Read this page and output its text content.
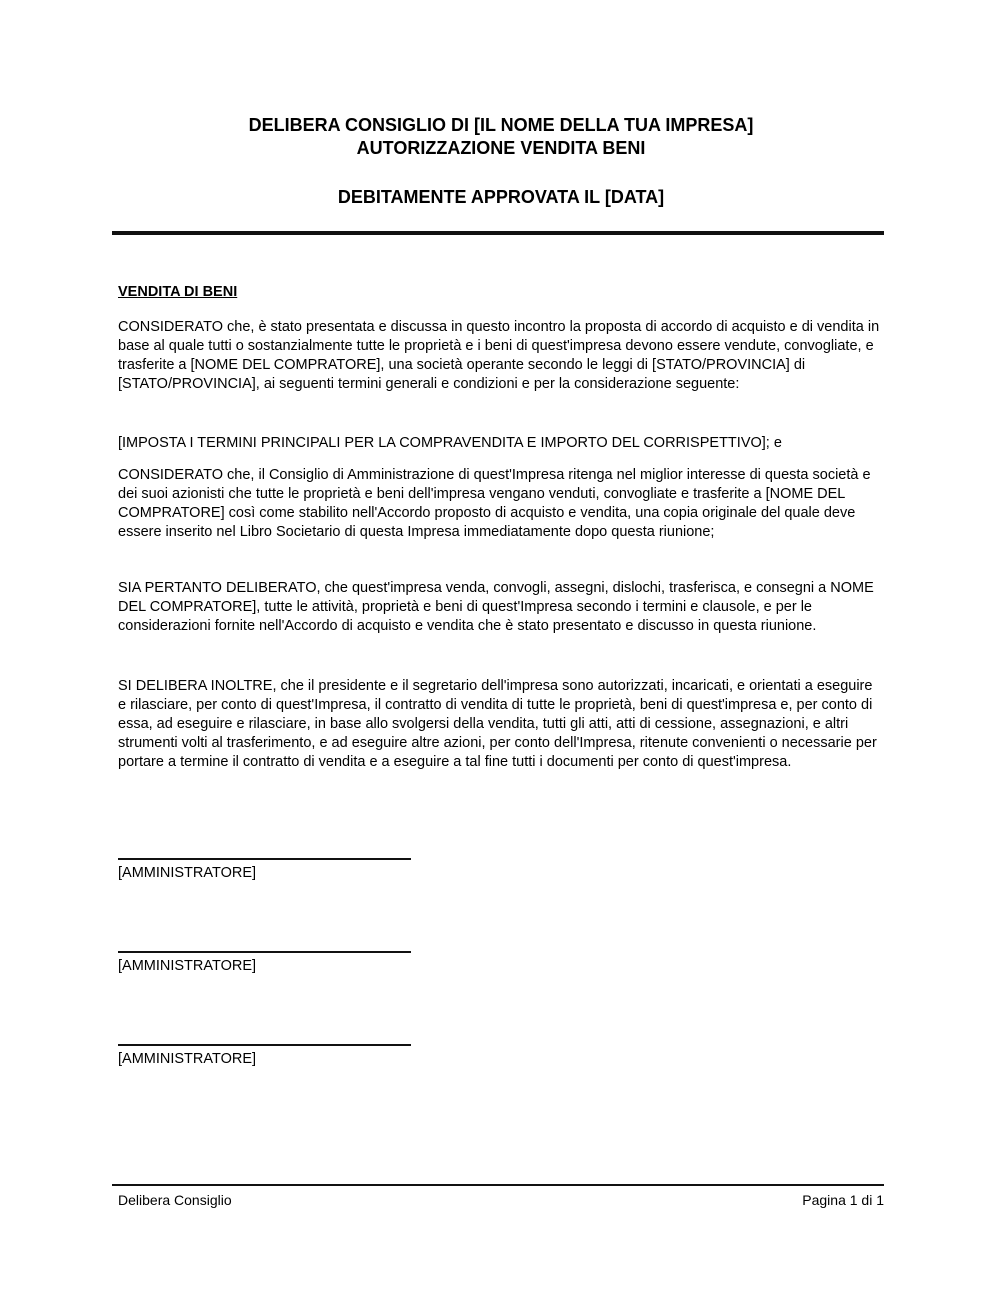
DELIBERA CONSIGLIO DI [IL NOME DELLA TUA IMPRESA]
AUTORIZZAZIONE VENDITA BENI
DEBITAMENTE APPROVATA IL [DATA]
VENDITA DI BENI

CONSIDERATO che, è stato presentata e discussa in questo incontro la proposta di accordo di acquisto e di vendita in base al quale tutti o sostanzialmente tutte le proprietà e i beni di quest'impresa devono essere vendute, convogliate, e trasferite a [NOME DEL COMPRATORE], una società operante secondo le leggi di [STATO/PROVINCIA] di [STATO/PROVINCIA], ai seguenti termini generali e condizioni e per la considerazione seguente:

[IMPOSTA I TERMINI PRINCIPALI PER LA COMPRAVENDITA E IMPORTO DEL CORRISPETTIVO]; e

CONSIDERATO che, il Consiglio di Amministrazione di quest'Impresa ritenga nel miglior interesse di questa società e dei suoi azionisti che tutte le proprietà e beni dell'impresa vengano venduti, convogliate e trasferite a [NOME DEL COMPRATORE] così come stabilito nell'Accordo proposto di acquisto e vendita, una copia originale del quale deve essere inserito nel Libro Societario di questa Impresa immediatamente dopo questa riunione;

SIA PERTANTO DELIBERATO, che quest'impresa venda, convogli, assegni, dislochi, trasferisca, e consegni a NOME DEL COMPRATORE], tutte le attività, proprietà e beni di quest'Impresa secondo i termini e clausole, e per le considerazioni fornite nell'Accordo di acquisto e vendita che è stato presentato e discusso in questa riunione.

SI DELIBERA INOLTRE, che il presidente e il segretario dell'impresa sono autorizzati, incaricati, e orientati a eseguire e rilasciare, per conto di quest'Impresa, il contratto di vendita di tutte le proprietà, beni di quest'impresa e, per conto di essa, ad eseguire e rilasciare, in base allo svolgersi della vendita, tutti gli atti, atti di cessione, assegnazioni, e altri strumenti volti al trasferimento, e ad eseguire altre azioni, per conto dell'Impresa, ritenute convenienti o necessarie per portare a termine il contratto di vendita e a eseguire a tal fine tutti i documenti per conto di quest'impresa.

[AMMINISTRATORE]
[AMMINISTRATORE]
[AMMINISTRATORE]
Delibera Consiglio	Pagina 1 di 1
